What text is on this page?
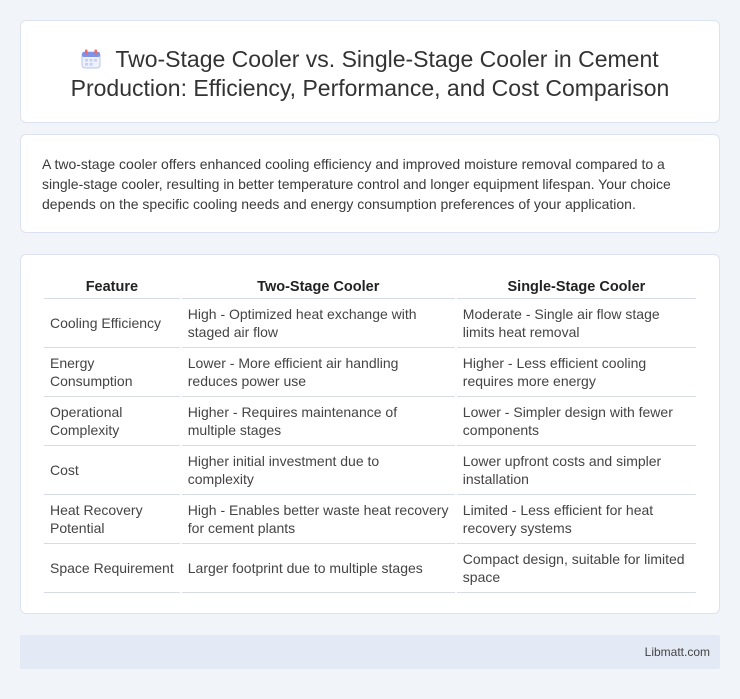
Two-Stage Cooler vs. Single-Stage Cooler in Cement Production: Efficiency, Performance, and Cost Comparison

A two-stage cooler offers enhanced cooling efficiency and improved moisture removal compared to a single-stage cooler, resulting in better temperature control and longer equipment lifespan. Your choice depends on the specific cooling needs and energy consumption preferences of your application.

Feature	Two-Stage Cooler	Single-Stage Cooler
Cooling Efficiency	High - Optimized heat exchange with staged air flow	Moderate - Single air flow stage limits heat removal
Energy Consumption	Lower - More efficient air handling reduces power use	Higher - Less efficient cooling requires more energy
Operational Complexity	Higher - Requires maintenance of multiple stages	Lower - Simpler design with fewer components
Cost	Higher initial investment due to complexity	Lower upfront costs and simpler installation
Heat Recovery Potential	High - Enables better waste heat recovery for cement plants	Limited - Less efficient for heat recovery systems
Space Requirement	Larger footprint due to multiple stages	Compact design, suitable for limited space
Libmatt.com
